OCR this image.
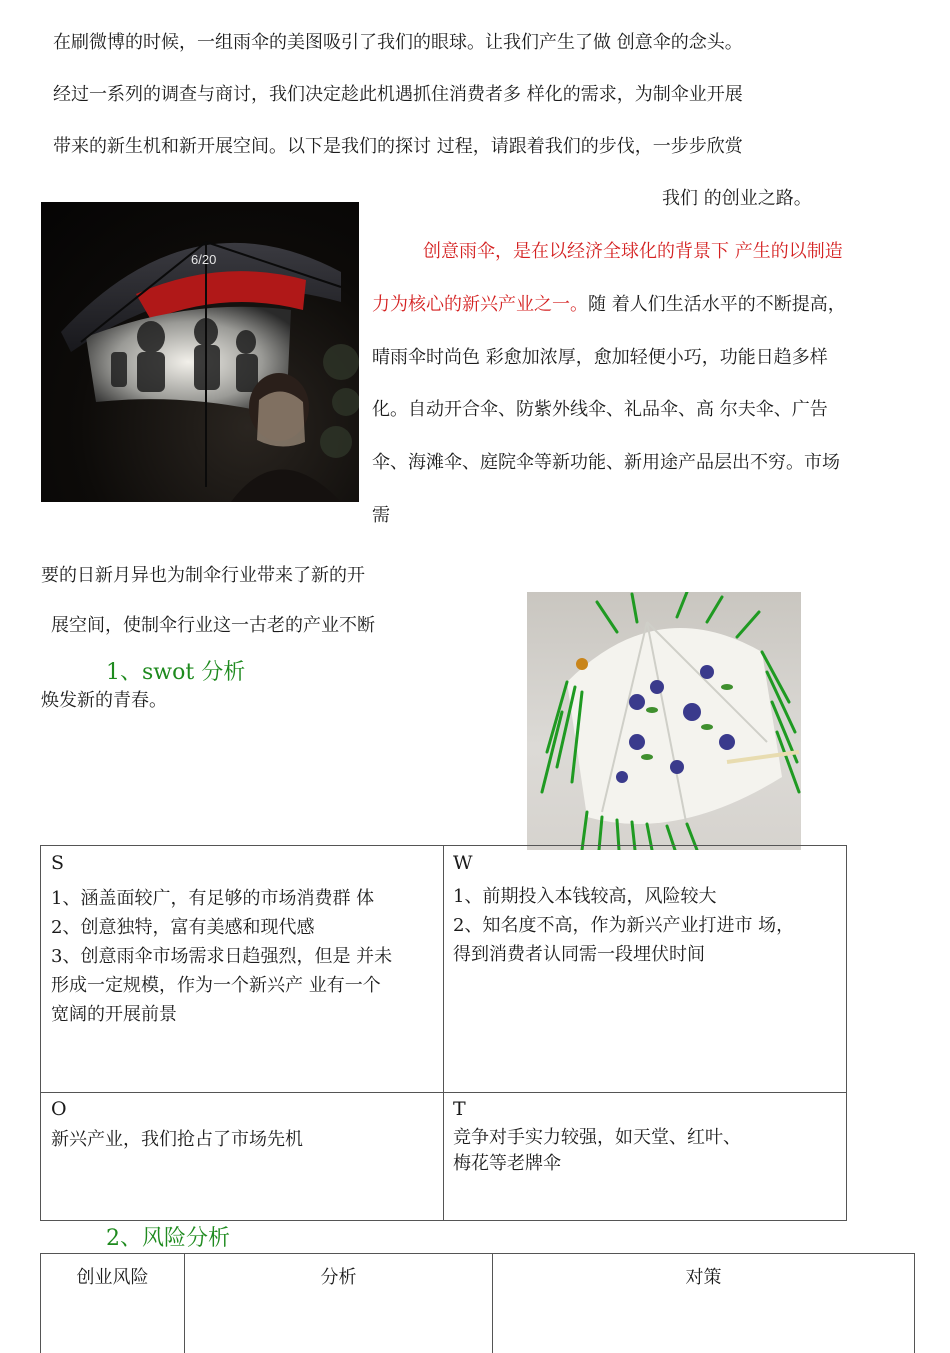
在刷微博的时候，一组雨伞的美图吸引了我们的眼球。让我们产生了做 创意伞的念头。
经过一系列的调查与商讨，我们决定趁此机遇抓住消费者多 样化的需求，为制伞业开展
带来的新生机和新开展空间。以下是我们的探讨 过程，请跟着我们的步伐，一步步欣赏
我们 的创业之路。
6/20	创意雨伞，是在以经济全球化的背景下 产生的以制造
力为核心的新兴产业之一。随 着人们生活水平的不断提高，
晴雨伞时尚色 彩愈加浓厚，愈加轻便小巧，功能日趋多样
化。自动开合伞、防紫外线伞、礼品伞、高 尔夫伞、广告
伞、海滩伞、庭院伞等新功能、新用途产品层出不穷。市场
需
要的日新月异也为制伞行业带来了新的开
展空间，使制伞行业这一古老的产业不断
1、swot 分析
焕发新的青春。
S
1、涵盖面较广，有足够的市场消费群 体
2、创意独特，富有美感和现代感
3、创意雨伞市场需求日趋强烈，但是 并未
形成一定规模，作为一个新兴产 业有一个
宽阔的开展前景
W
1、前期投入本钱较高，风险较大
2、知名度不高，作为新兴产业打进市 场，
得到消费者认同需一段埋伏时间
O
新兴产业，我们抢占了市场先机
T
竞争对手实力较强，如天堂、红叶、
梅花等老牌伞
2、风险分析
创业风险	分析	对策
